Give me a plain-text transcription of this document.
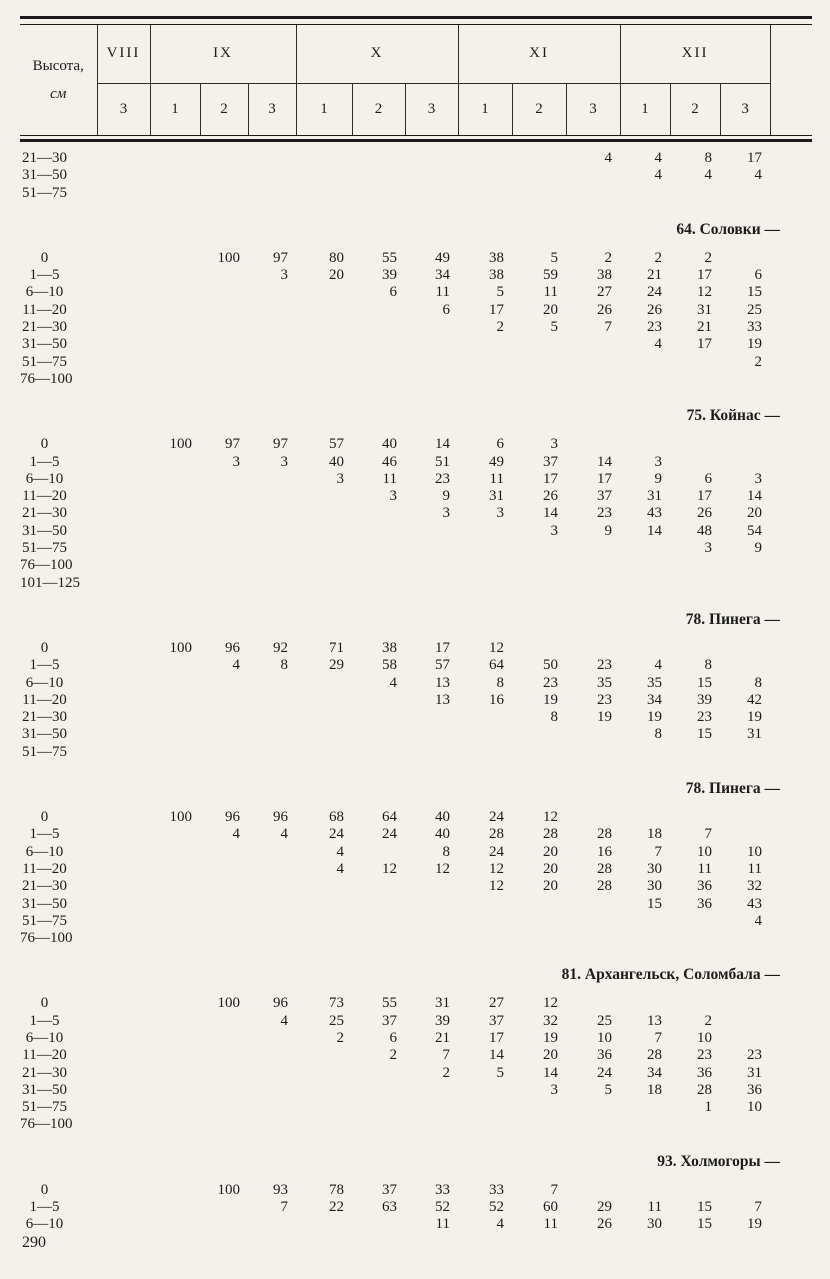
Высота,
см	VIII	IX			X			XI			XII		
	3	1	2	3	1	2	3	1	2	3	1	2	3
21—30										4	4	8	17
31—50											4	4	4
51—75													
64. Соловки —													
0			100	97	80	55	49	38	5	2	2	2	
1—5				3	20	39	34	38	59	38	21	17	6
6—10						6	11	5	11	27	24	12	15
11—20							6	17	20	26	26	31	25
21—30								2	5	7	23	21	33
31—50											4	17	19
51—75													2
76—100													
75. Койнас —													
0		100	97	97	57	40	14	6	3				
1—5			3	3	40	46	51	49	37	14	3		
6—10					3	11	23	11	17	17	9	6	3
11—20						3	9	31	26	37	31	17	14
21—30							3	3	14	23	43	26	20
31—50									3	9	14	48	54
51—75												3	9
76—100													
101—125													
78. Пинега —													
0		100	96	92	71	38	17	12					
1—5			4	8	29	58	57	64	50	23	4	8	
6—10						4	13	8	23	35	35	15	8
11—20							13	16	19	23	34	39	42
21—30									8	19	19	23	19
31—50											8	15	31
51—75													
78. Пинега —													
0		100	96	96	68	64	40	24	12				
1—5			4	4	24	24	40	28	28	28	18	7	
6—10					4		8	24	20	16	7	10	10
11—20					4	12	12	12	20	28	30	11	11
21—30								12	20	28	30	36	32
31—50											15	36	43
51—75													4
76—100													
81. Архангельск, Соломбала —													
0			100	96	73	55	31	27	12				
1—5				4	25	37	39	37	32	25	13	2	
6—10					2	6	21	17	19	10	7	10	
11—20						2	7	14	20	36	28	23	23
21—30							2	5	14	24	34	36	31
31—50									3	5	18	28	36
51—75												1	10
76—100													
93. Холмогоры —													
0			100	93	78	37	33	33	7				
1—5				7	22	63	52	52	60	29	11	15	7
6—10							11	4	11	26	30	15	19
290
